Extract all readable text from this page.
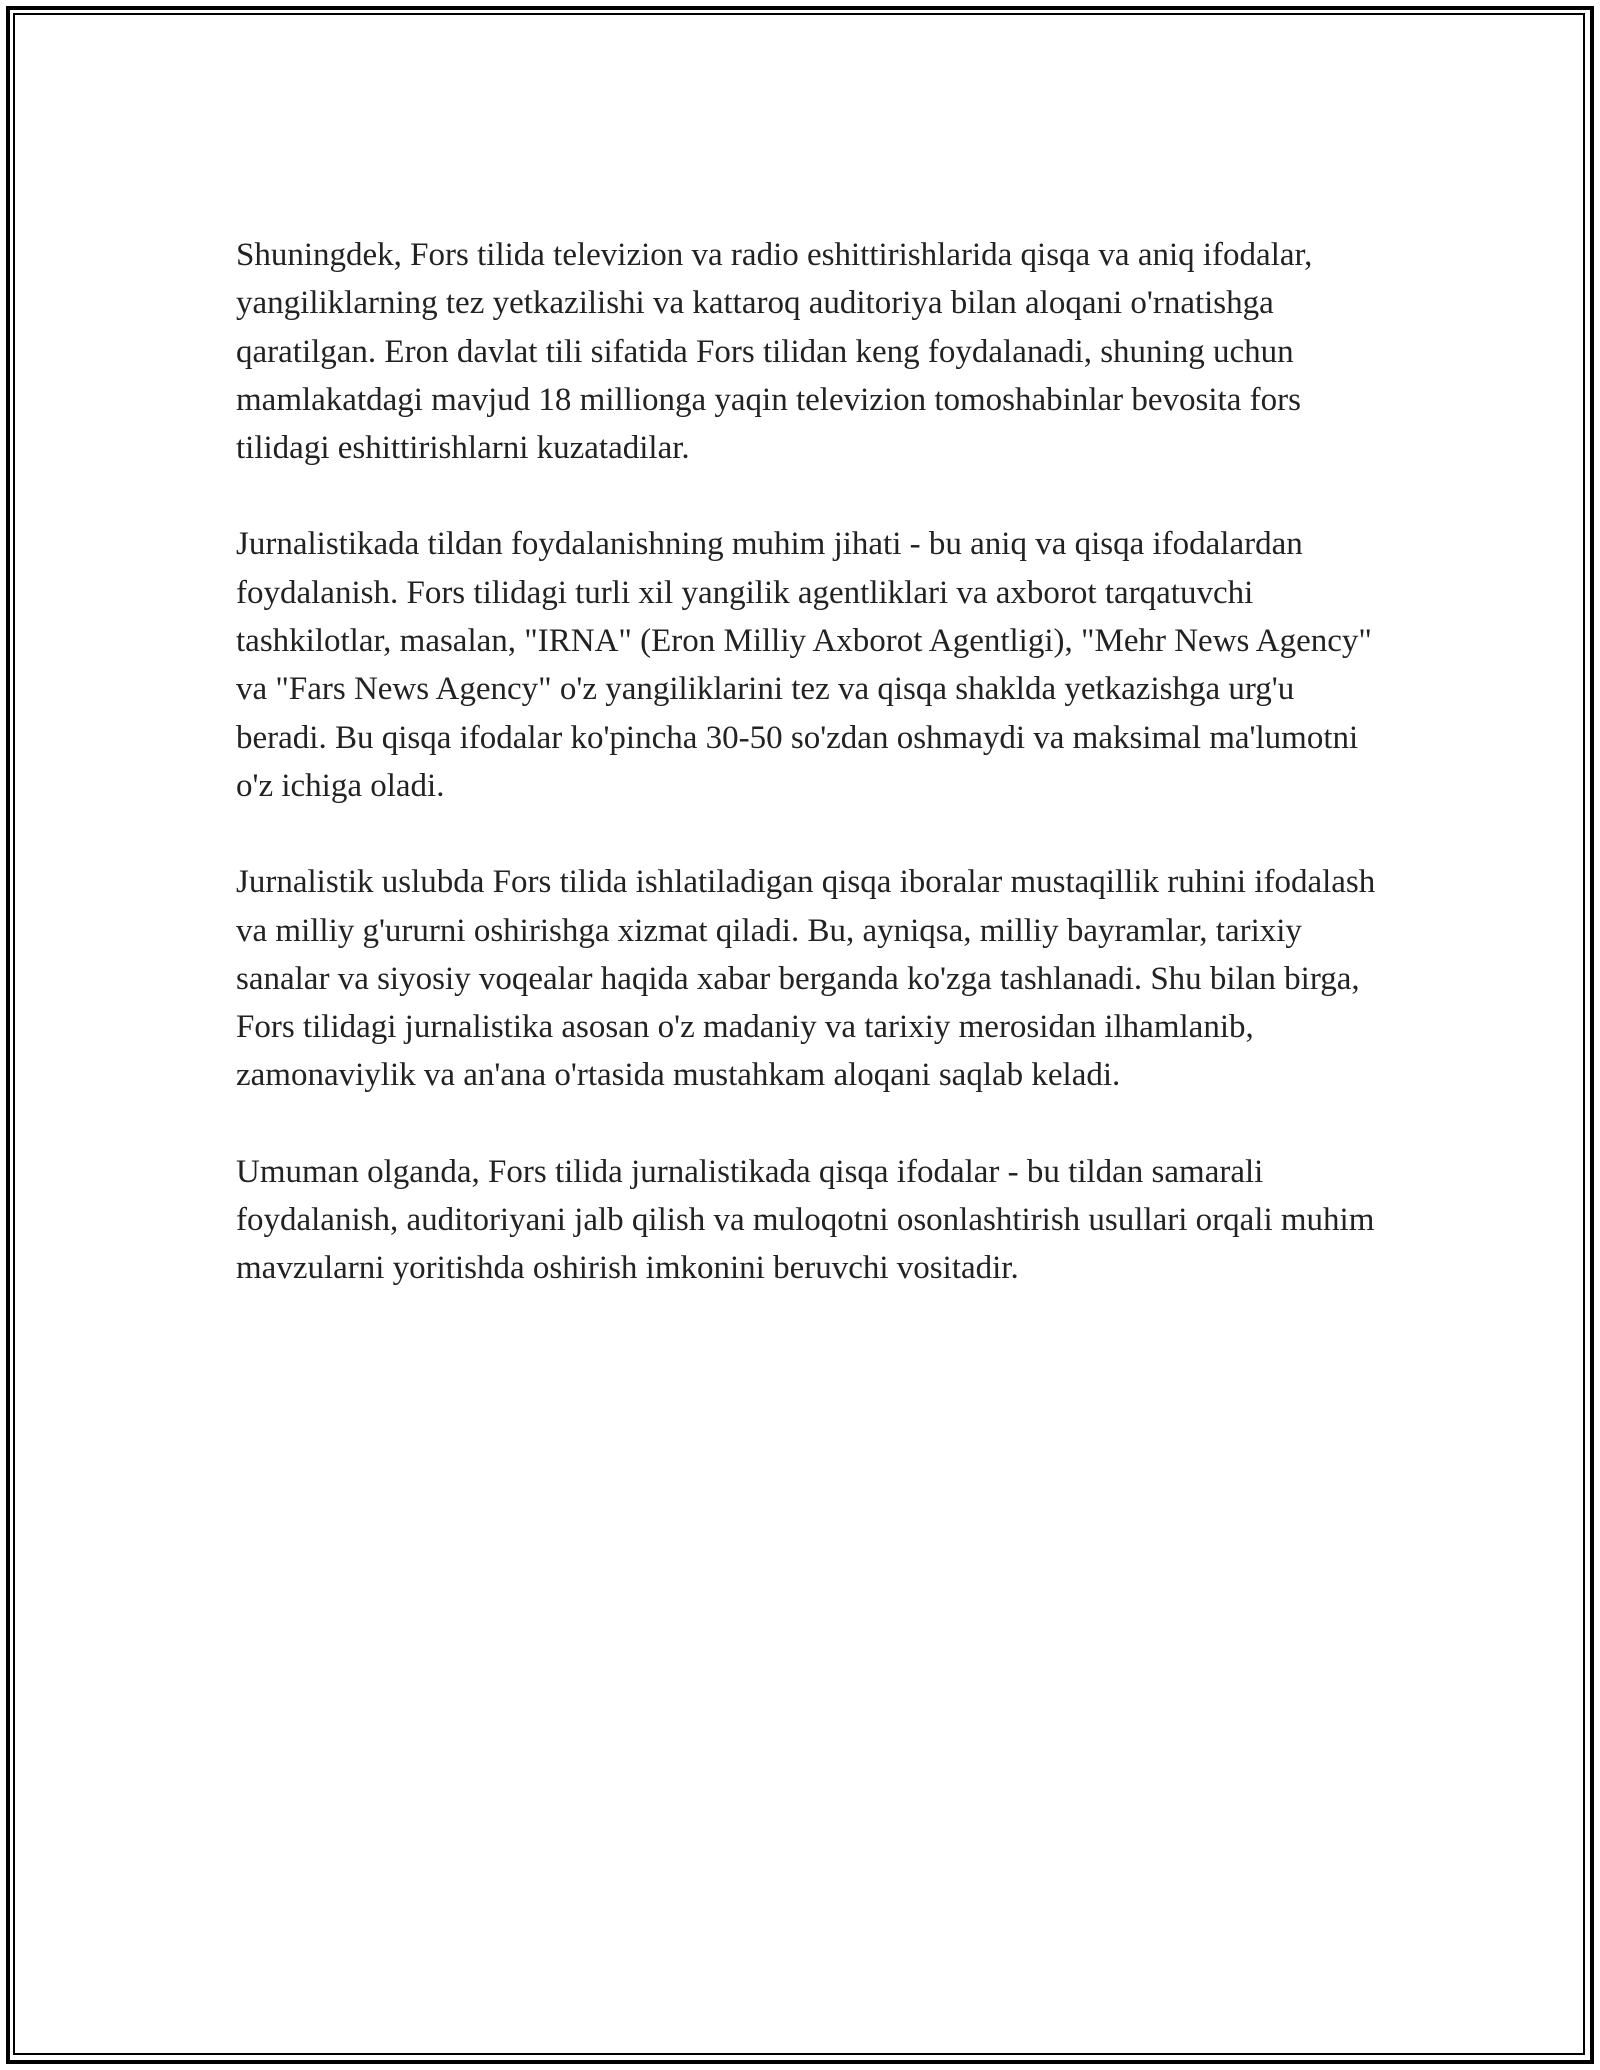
Shuningdek, Fors tilida televizion va radio eshittirishlarida qisqa va aniq ifodalar, yangiliklarning tez yetkazilishi va kattaroq auditoriya bilan aloqani o'rnatishga qaratilgan. Eron davlat tili sifatida Fors tilidan keng foydalanadi, shuning uchun mamlakatdagi mavjud 18 millionga yaqin televizion tomoshabinlar bevosita fors tilidagi eshittirishlarni kuzatadilar.

Jurnalistikada tildan foydalanishning muhim jihati - bu aniq va qisqa ifodalardan foydalanish. Fors tilidagi turli xil yangilik agentliklari va axborot tarqatuvchi tashkilotlar, masalan, "IRNA" (Eron Milliy Axborot Agentligi), "Mehr News Agency" va "Fars News Agency" o'z yangiliklarini tez va qisqa shaklda yetkazishga urg'u beradi. Bu qisqa ifodalar ko'pincha 30-50 so'zdan oshmaydi va maksimal ma'lumotni o'z ichiga oladi.

Jurnalistik uslubda Fors tilida ishlatiladigan qisqa iboralar mustaqillik ruhini ifodalash va milliy g'ururni oshirishga xizmat qiladi. Bu, ayniqsa, milliy bayramlar, tarixiy sanalar va siyosiy voqealar haqida xabar berganda ko'zga tashlanadi. Shu bilan birga, Fors tilidagi jurnalistika asosan o'z madaniy va tarixiy merosidan ilhamlanib, zamonaviylik va an'ana o'rtasida mustahkam aloqani saqlab keladi.

Umuman olganda, Fors tilida jurnalistikada qisqa ifodalar - bu tildan samarali foydalanish, auditoriyani jalb qilish va muloqotni osonlashtirish usullari orqali muhim mavzularni yoritishda oshirish imkonini beruvchi vositadir.
